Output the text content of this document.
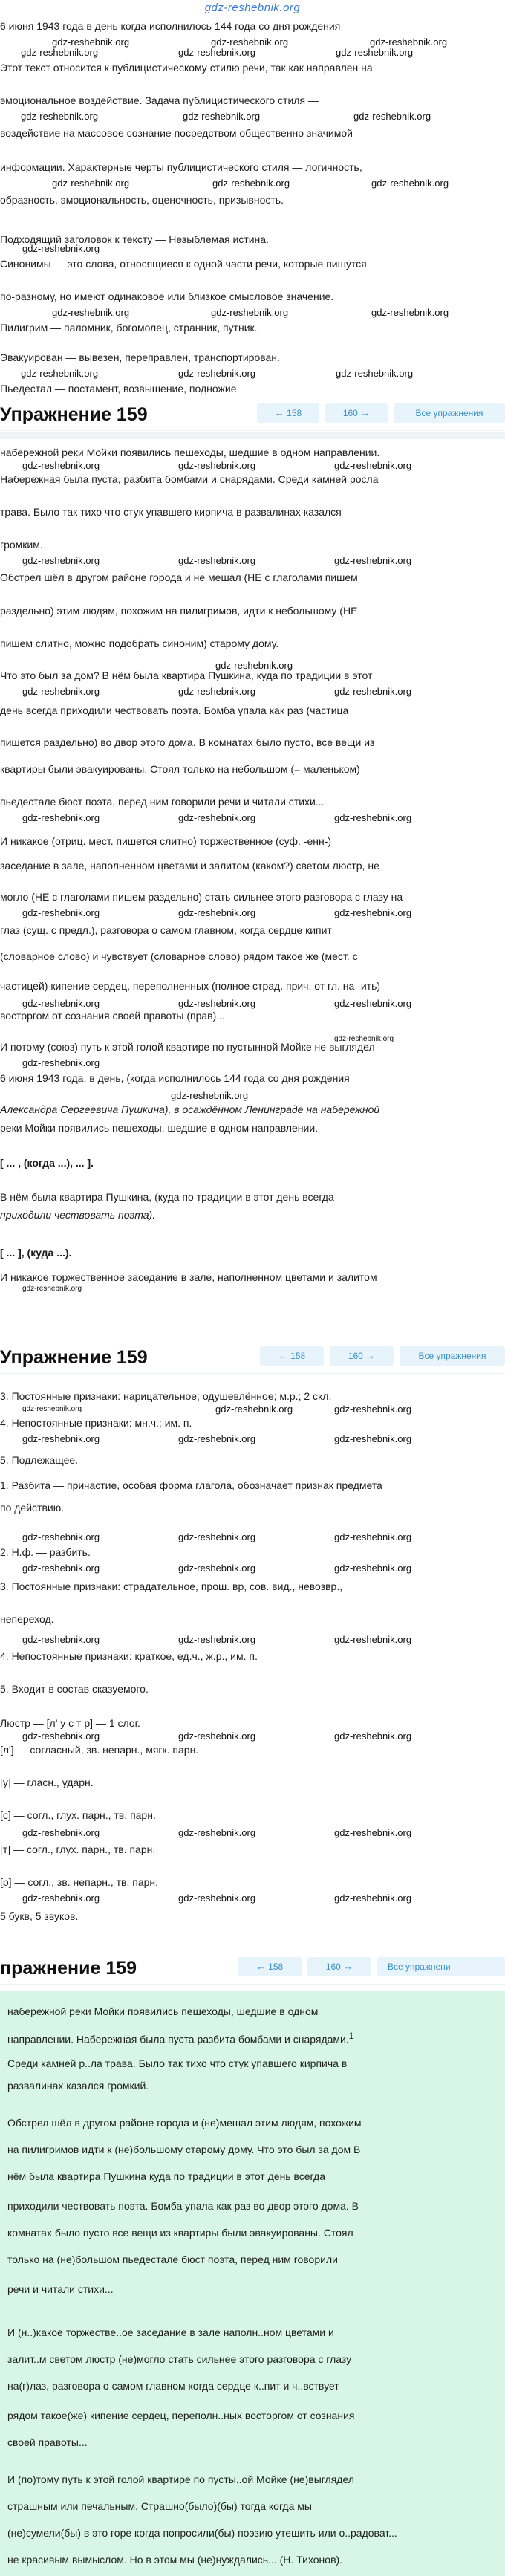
gdz-reshebnik.org
6 июня 1943 года в день когда исполнилось 144 года со дня рождения
Этот текст относится к публицистическому стилю речи, так как направлен на
эмоциональное воздействие. Задача публицистического стиля —
воздействие на массовое сознание посредством общественно значимой
информации. Характерные черты публицистического стиля — логичность,
образность, эмоциональность, оценочность, призывность.
Подходящий заголовок к тексту — Незыблемая истина.
Синонимы — это слова, относящиеся к одной части речи, которые пишутся
по-разному, но имеют одинаковое или близкое смысловое значение.
Пилигрим — паломник, богомолец, странник, путник.
Эвакуирован — вывезен, переправлен, транспортирован.
Пьедестал — постамент, возвышение, подножие.
gdz-reshebnik.org	gdz-reshebnik.org	gdz-reshebnik.org
gdz-reshebnik.org	gdz-reshebnik.org	gdz-reshebnik.org
gdz-reshebnik.org	gdz-reshebnik.org	gdz-reshebnik.org
gdz-reshebnik.org	gdz-reshebnik.org	gdz-reshebnik.org
gdz-reshebnik.org
gdz-reshebnik.org	gdz-reshebnik.org	gdz-reshebnik.org
gdz-reshebnik.org	gdz-reshebnik.org	gdz-reshebnik.org
Упражнение 159	← 158	160 →	Все упражнения
набережной реки Мойки появились пешеходы, шедшие в одном направлении.
Набережная была пуста, разбита бомбами и снарядами. Среди камней росла
трава. Было так тихо что стук упавшего кирпича в развалинах казался
громким.
Обстрел шёл в другом районе города и не мешал (НЕ с глаголами пишем
раздельно) этим людям, похожим на пилигримов, идти к небольшому (НЕ
пишем слитно, можно подобрать синоним) старому дому.
Что это был за дом? В нём была квартира Пушкина, куда по традиции в этот
день всегда приходили чествовать поэта. Бомба упала как раз (частица
пишется раздельно) во двор этого дома. В комнатах было пусто, все вещи из
квартиры были эвакуированы. Стоял только на небольшом (= маленьком)
пьедестале бюст поэта, перед ним говорили речи и читали стихи...
И никакое (отриц. мест. пишется слитно) торжественное (суф. -енн-)
заседание в зале, наполненном цветами и залитом (каком?) светом люстр, не
могло (НЕ с глаголами пишем раздельно) стать сильнее этого разговора с глазу на
глаз (сущ. с предл.), разговора о самом главном, когда сердце кипит
(словарное слово) и чувствует (словарное слово) рядом такое же (мест. с
частицей) кипение сердец, переполненных (полное страд. прич. от гл. на -ить)
восторгом от сознания своей правоты (прав)...
И потому (союз) путь к этой голой квартире по пустынной Мойке не выглядел
6 июня 1943 года, в день, (когда исполнилось 144 года со дня рождения
Александра Сергеевича Пушкина), в осаждённом Ленинграде на набережной
реки Мойки появились пешеходы, шедшие в одном направлении.
[ ... , (когда ...), ... ].
В нём была квартира Пушкина, (куда по традиции в этот день всегда
приходили чествовать поэта).
[ ... ], (куда ...).
И никакое торжественное заседание в зале, наполненном цветами и залитом
gdz-reshebnik.org	gdz-reshebnik.org	gdz-reshebnik.org
gdz-reshebnik.org	gdz-reshebnik.org	gdz-reshebnik.org
gdz-reshebnik.org
gdz-reshebnik.org	gdz-reshebnik.org	gdz-reshebnik.org
gdz-reshebnik.org	gdz-reshebnik.org	gdz-reshebnik.org
gdz-reshebnik.org	gdz-reshebnik.org	gdz-reshebnik.org
gdz-reshebnik.org	gdz-reshebnik.org	gdz-reshebnik.org
gdz-reshebnik.org
gdz-reshebnik.org
gdz-reshebnik.org
gdz-reshebnik.org
Упражнение 159	← 158	160 →	Все упражнения
3. Постоянные признаки: нарицательное; одушевлённое; м.р.; 2 скл.
4. Непостоянные признаки: мн.ч.; им. п.
5. Подлежащее.
1. Разбита — причастие, особая форма глагола, обозначает признак предмета
по действию.
2. Н.ф. — разбить.
3. Постоянные признаки: страдательное, прош. вр, сов. вид., невозвр.,
непереход.
4. Непостоянные признаки: краткое, ед.ч., ж.р., им. п.
5. Входит в состав сказуемого.
Люстр — [л' у с т р] — 1 слог.
[л'] — согласный, зв. непарн., мягк. парн.
[у] — гласн., ударн.
[с] — согл., глух. парн., тв. парн.
[т] — согл., глух. парн., тв. парн.
[р] — согл., зв. непарн., тв. парн.
5 букв, 5 звуков.
gdz-reshebnik.org	gdz-reshebnik.org	gdz-reshebnik.org
gdz-reshebnik.org	gdz-reshebnik.org	gdz-reshebnik.org
gdz-reshebnik.org	gdz-reshebnik.org	gdz-reshebnik.org
gdz-reshebnik.org	gdz-reshebnik.org	gdz-reshebnik.org
gdz-reshebnik.org	gdz-reshebnik.org	gdz-reshebnik.org
gdz-reshebnik.org	gdz-reshebnik.org	gdz-reshebnik.org
gdz-reshebnik.org	gdz-reshebnik.org	gdz-reshebnik.org
gdz-reshebnik.org	gdz-reshebnik.org	gdz-reshebnik.org
пражнение 159	← 158	160 →	Все упражнени
набережной реки Мойки появились пешеходы, шедшие в одном
направлении. Набережная была пуста разбита бомбами и снарядами.$^1$
Среди камней р..ла трава. Было так тихо что стук упавшего кирпича в
развалинах казался громкий.
Обстрел шёл в другом районе города и (не)мешал этим людям, похожим
на пилигримов идти к (не)большому старому дому. Что это был за дом В
нём была квартира Пушкина куда по традиции в этот день всегда
приходили чествовать поэта. Бомба упала как раз во двор этого дома. В
комнатах было пусто все вещи из квартиры были эвакуированы. Стоял
только на (не)большом пьедестале бюст поэта, перед ним говорили
речи и читали стихи...
И (н..)какое торжестве..ое заседание в зале наполн..ном цветами и
залит..м светом люстр (не)могло стать сильнее этого разговора с глазу
на(г)лаз, разговора о самом главном когда сердце к..пит и ч..вствует
рядом такое(же) кипение сердец, переполн..ных восторгом от сознания
своей правоты...
И (по)тому путь к этой голой квартире по пусты..ой Мойке (не)выглядел
страшным или печальным. Страшно(было)(бы) тогда когда мы
(не)сумели(бы) в это горе когда попросили(бы) поэзию утешить или о..радоват...
не красивым вымыслом. Но в этом мы (не)нуждались... (Н. Тихонов).
